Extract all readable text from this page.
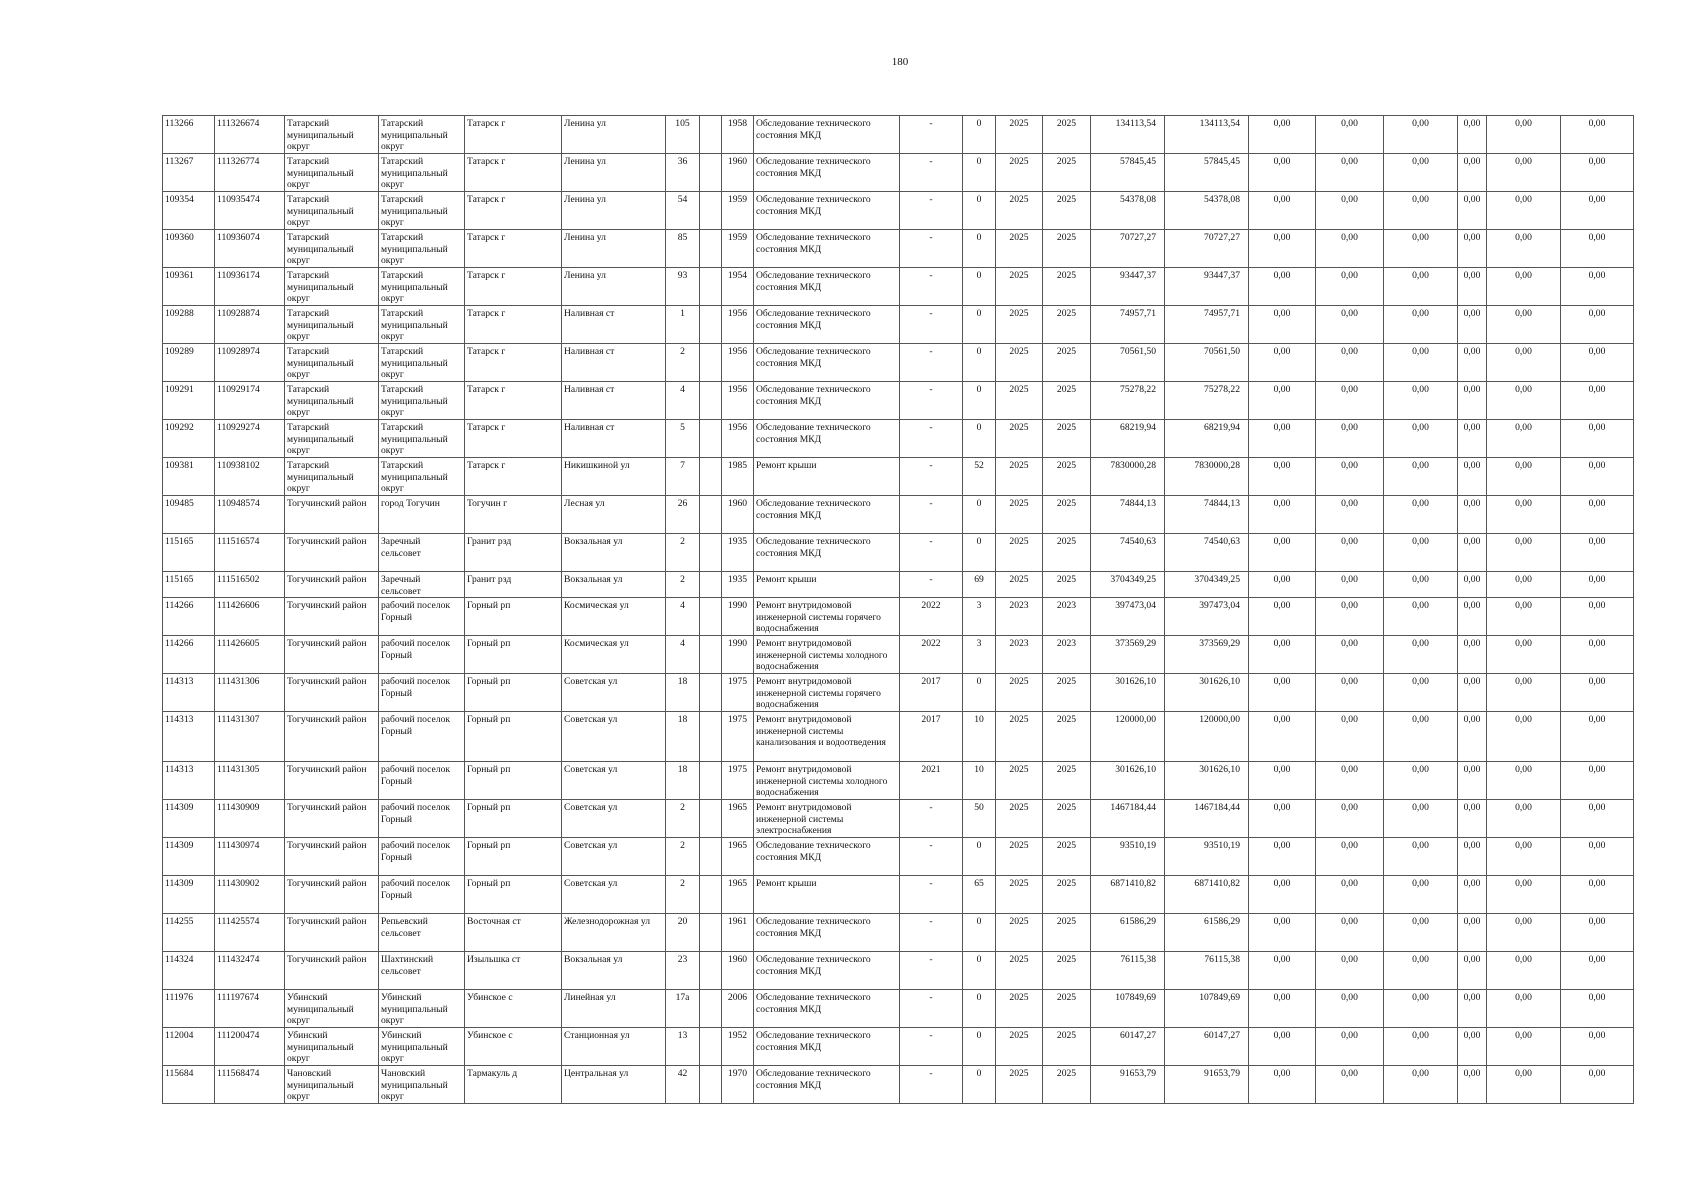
180
113266	111326674	Татарский муниципальный округ	Татарский муниципальный округ	Татарск г	Ленина ул	105		1958	Обследование технического состояния МКД	-	0	2025	2025	134113,54	134113,54	0,00	0,00	0,00	0,00	0,00	0,00
113267	111326774	Татарский муниципальный округ	Татарский муниципальный округ	Татарск г	Ленина ул	36		1960	Обследование технического состояния МКД	-	0	2025	2025	57845,45	57845,45	0,00	0,00	0,00	0,00	0,00	0,00
109354	110935474	Татарский муниципальный округ	Татарский муниципальный округ	Татарск г	Ленина ул	54		1959	Обследование технического состояния МКД	-	0	2025	2025	54378,08	54378,08	0,00	0,00	0,00	0,00	0,00	0,00
109360	110936074	Татарский муниципальный округ	Татарский муниципальный округ	Татарск г	Ленина ул	85		1959	Обследование технического состояния МКД	-	0	2025	2025	70727,27	70727,27	0,00	0,00	0,00	0,00	0,00	0,00
109361	110936174	Татарский муниципальный округ	Татарский муниципальный округ	Татарск г	Ленина ул	93		1954	Обследование технического состояния МКД	-	0	2025	2025	93447,37	93447,37	0,00	0,00	0,00	0,00	0,00	0,00
109288	110928874	Татарский муниципальный округ	Татарский муниципальный округ	Татарск г	Наливная ст	1		1956	Обследование технического состояния МКД	-	0	2025	2025	74957,71	74957,71	0,00	0,00	0,00	0,00	0,00	0,00
109289	110928974	Татарский муниципальный округ	Татарский муниципальный округ	Татарск г	Наливная ст	2		1956	Обследование технического состояния МКД	-	0	2025	2025	70561,50	70561,50	0,00	0,00	0,00	0,00	0,00	0,00
109291	110929174	Татарский муниципальный округ	Татарский муниципальный округ	Татарск г	Наливная ст	4		1956	Обследование технического состояния МКД	-	0	2025	2025	75278,22	75278,22	0,00	0,00	0,00	0,00	0,00	0,00
109292	110929274	Татарский муниципальный округ	Татарский муниципальный округ	Татарск г	Наливная ст	5		1956	Обследование технического состояния МКД	-	0	2025	2025	68219,94	68219,94	0,00	0,00	0,00	0,00	0,00	0,00
109381	110938102	Татарский муниципальный округ	Татарский муниципальный округ	Татарск г	Никишкиной ул	7		1985	Ремонт крыши	-	52	2025	2025	7830000,28	7830000,28	0,00	0,00	0,00	0,00	0,00	0,00
109485	110948574	Тогучинский район	город Тогучин	Тогучин г	Лесная ул	26		1960	Обследование технического состояния МКД	-	0	2025	2025	74844,13	74844,13	0,00	0,00	0,00	0,00	0,00	0,00
115165	111516574	Тогучинский район	Заречный сельсовет	Гранит рзд	Вокзальная ул	2		1935	Обследование технического состояния МКД	-	0	2025	2025	74540,63	74540,63	0,00	0,00	0,00	0,00	0,00	0,00
115165	111516502	Тогучинский район	Заречный сельсовет	Гранит рзд	Вокзальная ул	2		1935	Ремонт крыши	-	69	2025	2025	3704349,25	3704349,25	0,00	0,00	0,00	0,00	0,00	0,00
114266	111426606	Тогучинский район	рабочий поселок Горный	Горный рп	Космическая ул	4		1990	Ремонт внутридомовой инженерной системы горячего водоснабжения	2022	3	2023	2023	397473,04	397473,04	0,00	0,00	0,00	0,00	0,00	0,00
114266	111426605	Тогучинский район	рабочий поселок Горный	Горный рп	Космическая ул	4		1990	Ремонт внутридомовой инженерной системы холодного водоснабжения	2022	3	2023	2023	373569,29	373569,29	0,00	0,00	0,00	0,00	0,00	0,00
114313	111431306	Тогучинский район	рабочий поселок Горный	Горный рп	Советская ул	18		1975	Ремонт внутридомовой инженерной системы горячего водоснабжения	2017	0	2025	2025	301626,10	301626,10	0,00	0,00	0,00	0,00	0,00	0,00
114313	111431307	Тогучинский район	рабочий поселок Горный	Горный рп	Советская ул	18		1975	Ремонт внутридомовой инженерной системы канализования и водоотведения	2017	10	2025	2025	120000,00	120000,00	0,00	0,00	0,00	0,00	0,00	0,00
114313	111431305	Тогучинский район	рабочий поселок Горный	Горный рп	Советская ул	18		1975	Ремонт внутридомовой инженерной системы холодного водоснабжения	2021	10	2025	2025	301626,10	301626,10	0,00	0,00	0,00	0,00	0,00	0,00
114309	111430909	Тогучинский район	рабочий поселок Горный	Горный рп	Советская ул	2		1965	Ремонт внутридомовой инженерной системы электроснабжения	-	50	2025	2025	1467184,44	1467184,44	0,00	0,00	0,00	0,00	0,00	0,00
114309	111430974	Тогучинский район	рабочий поселок Горный	Горный рп	Советская ул	2		1965	Обследование технического состояния МКД	-	0	2025	2025	93510,19	93510,19	0,00	0,00	0,00	0,00	0,00	0,00
114309	111430902	Тогучинский район	рабочий поселок Горный	Горный рп	Советская ул	2		1965	Ремонт крыши	-	65	2025	2025	6871410,82	6871410,82	0,00	0,00	0,00	0,00	0,00	0,00
114255	111425574	Тогучинский район	Репьевский сельсовет	Восточная ст	Железнодорожная ул	20		1961	Обследование технического состояния МКД	-	0	2025	2025	61586,29	61586,29	0,00	0,00	0,00	0,00	0,00	0,00
114324	111432474	Тогучинский район	Шахтинский сельсовет	Изыльшка ст	Вокзальная ул	23		1960	Обследование технического состояния МКД	-	0	2025	2025	76115,38	76115,38	0,00	0,00	0,00	0,00	0,00	0,00
111976	111197674	Убинский муниципальный округ	Убинский муниципальный округ	Убинское с	Линейная ул	17а		2006	Обследование технического состояния МКД	-	0	2025	2025	107849,69	107849,69	0,00	0,00	0,00	0,00	0,00	0,00
112004	111200474	Убинский муниципальный округ	Убинский муниципальный округ	Убинское с	Станционная ул	13		1952	Обследование технического состояния МКД	-	0	2025	2025	60147,27	60147,27	0,00	0,00	0,00	0,00	0,00	0,00
115684	111568474	Чановский муниципальный округ	Чановский муниципальный округ	Тармакуль д	Центральная ул	42		1970	Обследование технического состояния МКД	-	0	2025	2025	91653,79	91653,79	0,00	0,00	0,00	0,00	0,00	0,00
